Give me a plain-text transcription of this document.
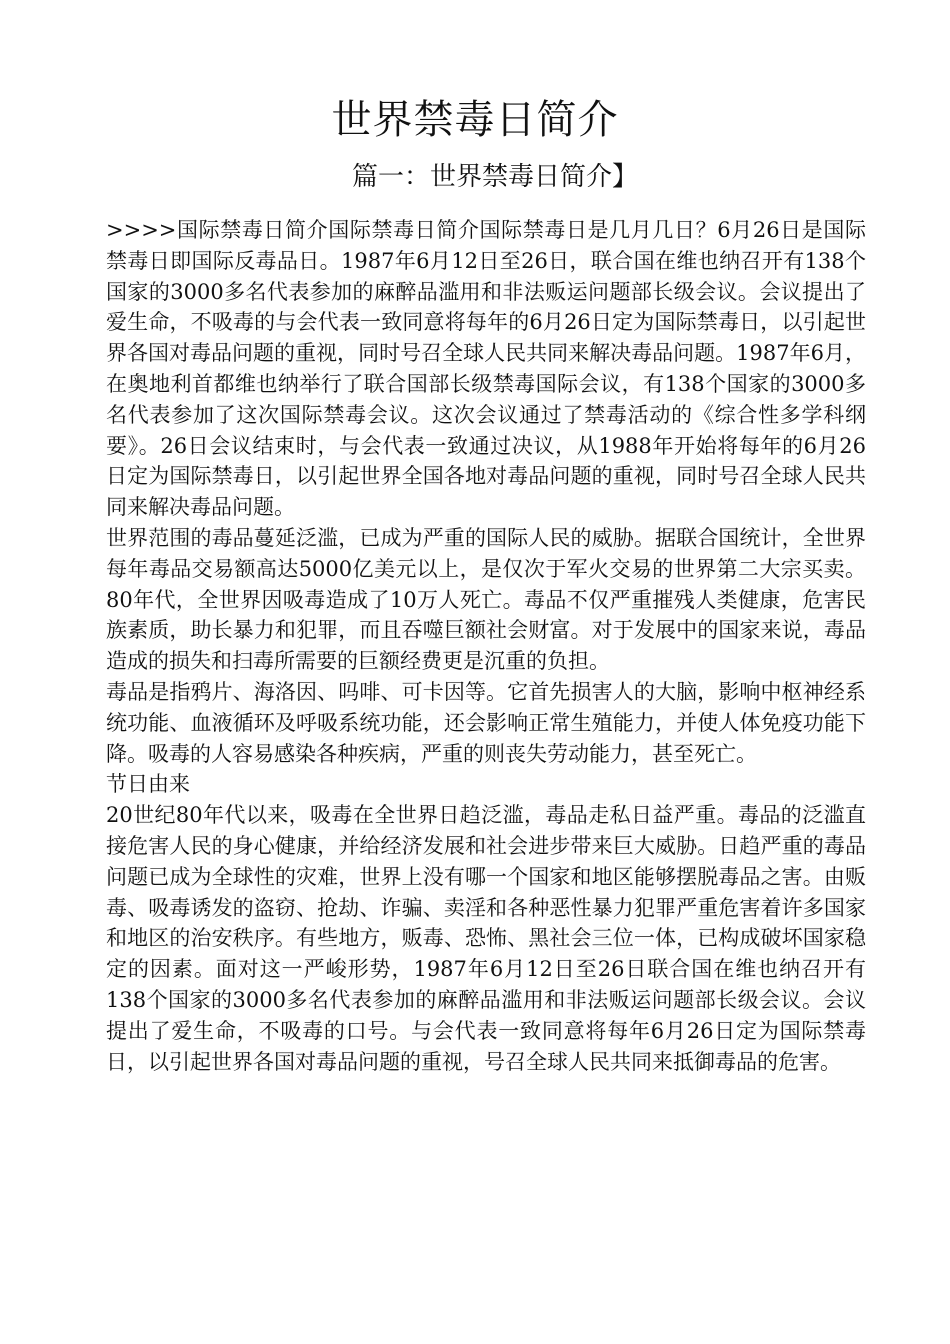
世界禁毒日简介
篇一：世界禁毒日简介】

>>>>国际禁毒日简介国际禁毒日简介国际禁毒日是几月几日？6月26日是国际禁毒日即国际反毒品日。1987年6月12日至26日，联合国在维也纳召开有138个国家的3000多名代表参加的麻醉品滥用和非法贩运问题部长级会议。会议提出了爱生命，不吸毒的与会代表一致同意将每年的6月26日定为国际禁毒日，以引起世界各国对毒品问题的重视，同时号召全球人民共同来解决毒品问题。1987年6月，在奥地利首都维也纳举行了联合国部长级禁毒国际会议，有138个国家的3000多名代表参加了这次国际禁毒会议。这次会议通过了禁毒活动的《综合性多学科纲要》。26日会议结束时，与会代表一致通过决议，从1988年开始将每年的6月26日定为国际禁毒日，以引起世界全国各地对毒品问题的重视，同时号召全球人民共同来解决毒品问题。

世界范围的毒品蔓延泛滥，已成为严重的国际人民的威胁。据联合国统计，全世界每年毒品交易额高达5000亿美元以上，是仅次于军火交易的世界第二大宗买卖。80年代，全世界因吸毒造成了10万人死亡。毒品不仅严重摧残人类健康，危害民族素质，助长暴力和犯罪，而且吞噬巨额社会财富。对于发展中的国家来说，毒品造成的损失和扫毒所需要的巨额经费更是沉重的负担。

毒品是指鸦片、海洛因、吗啡、可卡因等。它首先损害人的大脑，影响中枢神经系统功能、血液循环及呼吸系统功能，还会影响正常生殖能力，并使人体免疫功能下降。吸毒的人容易感染各种疾病，严重的则丧失劳动能力，甚至死亡。

节日由来

20世纪80年代以来，吸毒在全世界日趋泛滥，毒品走私日益严重。毒品的泛滥直接危害人民的身心健康，并给经济发展和社会进步带来巨大威胁。日趋严重的毒品问题已成为全球性的灾难，世界上没有哪一个国家和地区能够摆脱毒品之害。由贩毒、吸毒诱发的盗窃、抢劫、诈骗、卖淫和各种恶性暴力犯罪严重危害着许多国家和地区的治安秩序。有些地方，贩毒、恐怖、黑社会三位一体，已构成破坏国家稳定的因素。面对这一严峻形势，1987年6月12日至26日联合国在维也纳召开有138个国家的3000多名代表参加的麻醉品滥用和非法贩运问题部长级会议。会议提出了爱生命，不吸毒的口号。与会代表一致同意将每年6月26日定为国际禁毒日，以引起世界各国对毒品问题的重视，号召全球人民共同来抵御毒品的危害。
